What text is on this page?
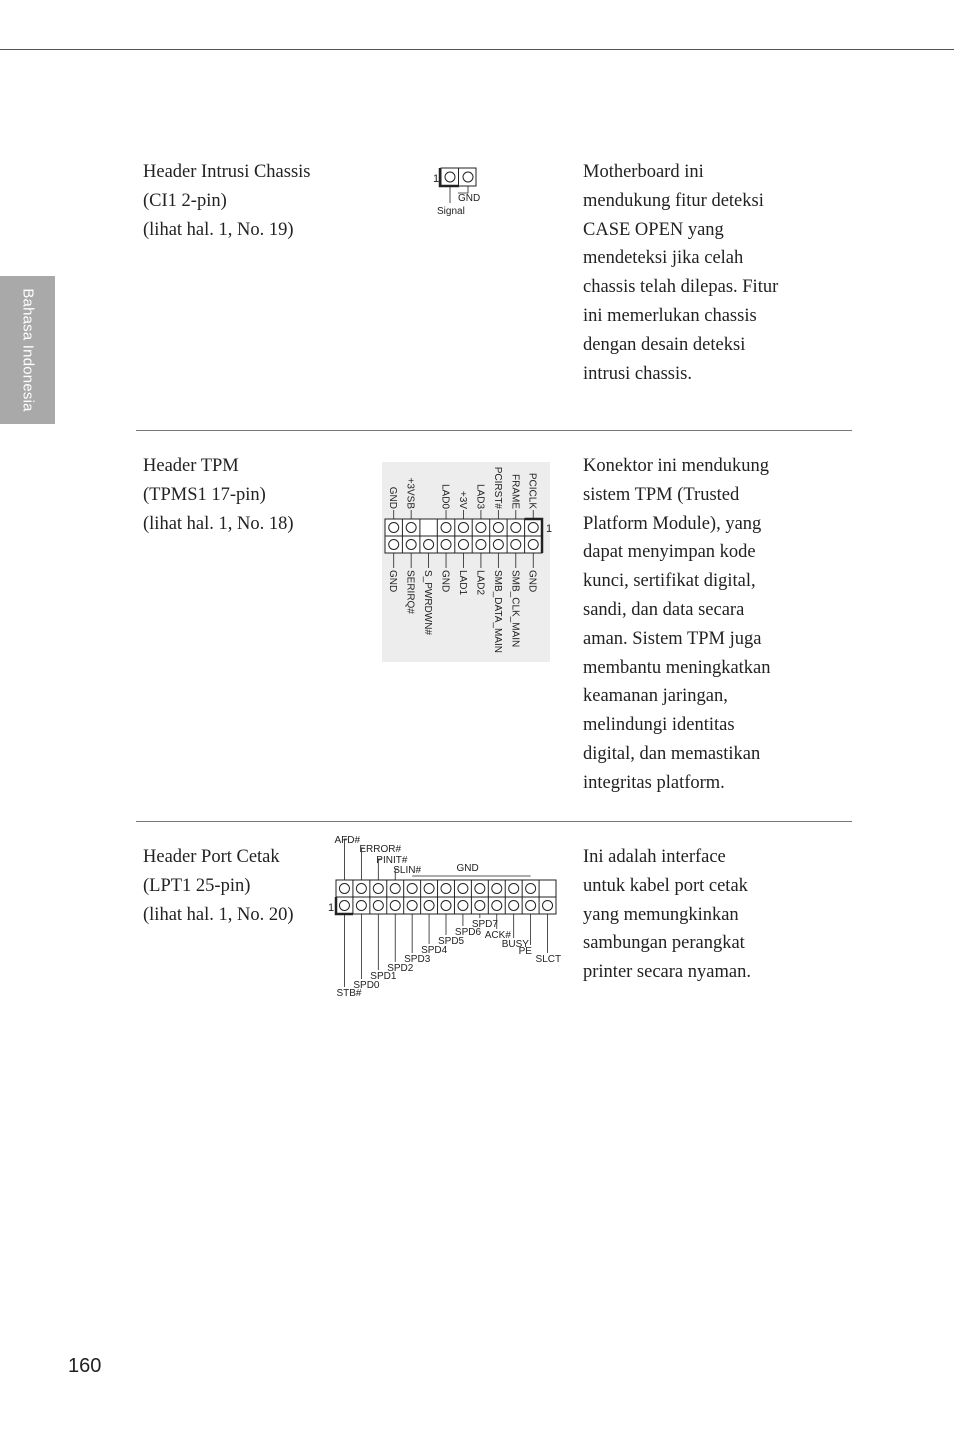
Bahasa Indonesia
Header Intrusi Chassis
(CI1 2-pin)
(lihat hal. 1, No. 19)
1
GND
Signal
Motherboard ini
mendukung fitur deteksi
CASE OPEN yang
mendeteksi jika celah
chassis telah dilepas. Fitur
ini memerlukan chassis
dengan desain deteksi
intrusi chassis.
Header TPM
(TPMS1 17-pin)
(lihat hal. 1, No. 18)	1
GND
GND
+3VSB
SERIRQ# S_PWRDWN#
LAD0
GND
+3V
LAD1
LAD3
LAD2
PCIRST#
SMB_DATA_MAIN
FRAME
SMB_CLK_MAIN
PCICLK
GND
Konektor ini mendukung
sistem TPM (Trusted
Platform Module), yang
dapat menyimpan kode
kunci, sertifikat digital,
sandi, dan data secara
aman. Sistem TPM juga
membantu meningkatkan
keamanan jaringan,
melindungi identitas
digital, dan memastikan
integritas platform.
Header Port Cetak
(LPT1 25-pin)
(lihat hal. 1, No. 20)	1
AFD#
ERROR#
PINIT#
SLIN#	GND
STB#
SPD0
SPD1
SPD2
SPD3
SPD4
SPD5
SPD6
SPD7
ACK#
BUSY
PE
SLCT
Ini adalah interface
untuk kabel port cetak
yang memungkinkan
sambungan perangkat
printer secara nyaman.
160
